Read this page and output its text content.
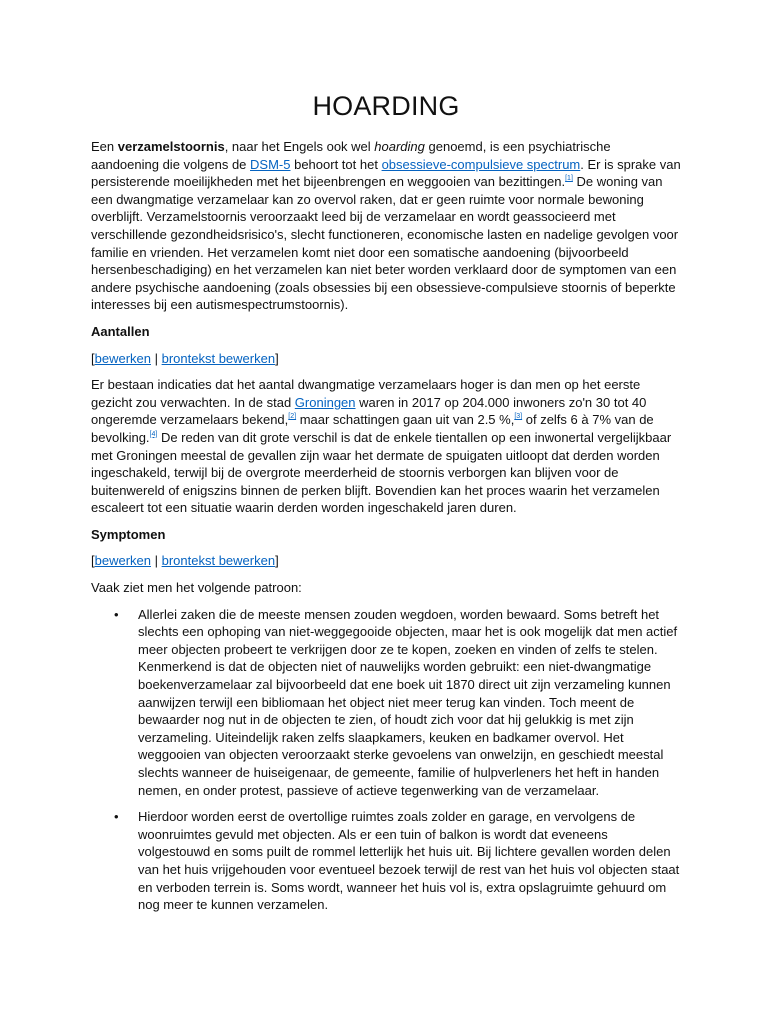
HOARDING

Een verzamelstoornis, naar het Engels ook wel hoarding genoemd, is een psychiatrische aandoening die volgens de DSM-5 behoort tot het obsessieve-compulsieve spectrum. Er is sprake van persisterende moeilijkheden met het bijeenbrengen en weggooien van bezittingen.[1] De woning van een dwangmatige verzamelaar kan zo overvol raken, dat er geen ruimte voor normale bewoning overblijft. Verzamelstoornis veroorzaakt leed bij de verzamelaar en wordt geassocieerd met verschillende gezondheidsrisico's, slecht functioneren, economische lasten en nadelige gevolgen voor familie en vrienden. Het verzamelen komt niet door een somatische aandoening (bijvoorbeeld hersenbeschadiging) en het verzamelen kan niet beter worden verklaard door de symptomen van een andere psychische aandoening (zoals obsessies bij een obsessieve-compulsieve stoornis of beperkte interesses bij een autismespectrumstoornis).

Aantallen

[bewerken | brontekst bewerken]

Er bestaan indicaties dat het aantal dwangmatige verzamelaars hoger is dan men op het eerste gezicht zou verwachten. In de stad Groningen waren in 2017 op 204.000 inwoners zo'n 30 tot 40 ongeremde verzamelaars bekend,[2] maar schattingen gaan uit van 2.5 %,[3] of zelfs 6 à 7% van de bevolking.[4] De reden van dit grote verschil is dat de enkele tientallen op een inwonertal vergelijkbaar met Groningen meestal de gevallen zijn waar het dermate de spuigaten uitloopt dat derden worden ingeschakeld, terwijl bij de overgrote meerderheid de stoornis verborgen kan blijven voor de buitenwereld of enigszins binnen de perken blijft. Bovendien kan het proces waarin het verzamelen escaleert tot een situatie waarin derden worden ingeschakeld jaren duren.

Symptomen

[bewerken | brontekst bewerken]

Vaak ziet men het volgende patroon:

• Allerlei zaken die de meeste mensen zouden wegdoen, worden bewaard. Soms betreft het slechts een ophoping van niet-weggegooide objecten, maar het is ook mogelijk dat men actief meer objecten probeert te verkrijgen door ze te kopen, zoeken en vinden of zelfs te stelen. Kenmerkend is dat de objecten niet of nauwelijks worden gebruikt: een niet-dwangmatige boekenverzamelaar zal bijvoorbeeld dat ene boek uit 1870 direct uit zijn verzameling kunnen aanwijzen terwijl een bibliomaan het object niet meer terug kan vinden. Toch meent de bewaarder nog nut in de objecten te zien, of houdt zich voor dat hij gelukkig is met zijn verzameling. Uiteindelijk raken zelfs slaapkamers, keuken en badkamer overvol. Het weggooien van objecten veroorzaakt sterke gevoelens van onwelzijn, en geschiedt meestal slechts wanneer de huiseigenaar, de gemeente, familie of hulpverleners het heft in handen nemen, en onder protest, passieve of actieve tegenwerking van de verzamelaar.
• Hierdoor worden eerst de overtollige ruimtes zoals zolder en garage, en vervolgens de woonruimtes gevuld met objecten. Als er een tuin of balkon is wordt dat eveneens volgestouwd en soms puilt de rommel letterlijk het huis uit. Bij lichtere gevallen worden delen van het huis vrijgehouden voor eventueel bezoek terwijl de rest van het huis vol objecten staat en verboden terrein is. Soms wordt, wanneer het huis vol is, extra opslagruimte gehuurd om nog meer te kunnen verzamelen.
